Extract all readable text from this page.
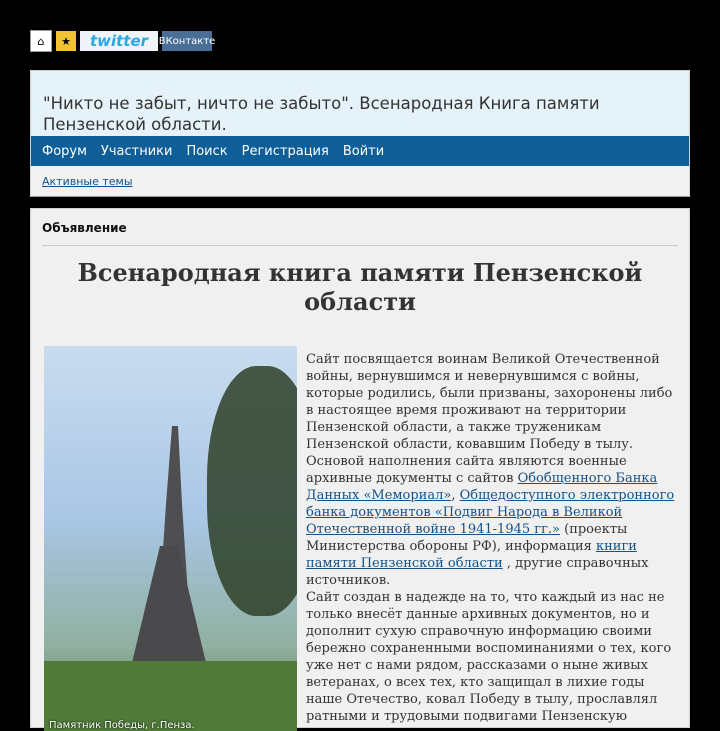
⌂	★	twitter	ВКонтакте
"Никто не забыт, ничто не забыто". Всенародная Книга памяти Пензенской области.
Форум Участники Поиск Регистрация Войти
Активные темы
Объявление
Всенародная книга памяти Пензенской области
Памятник Победы, г.Пенза.
Сайт посвящается воинам Великой Отечественной войны, вернувшимся и невернувшимся с войны, которые родились, были призваны, захоронены либо в настоящее время проживают на территории Пензенской области, а также труженикам Пензенской области, ковавшим Победу в тылу. Основой наполнения сайта являются военные архивные документы с сайтов Обобщенного Банка Данных «Мемориал», Общедоступного электронного банка документов «Подвиг Народа в Великой Отечественной войне 1941-1945 гг.» (проекты Министерства обороны РФ), информация книги памяти Пензенской области , другие справочных источников.
Сайт создан в надежде на то, что каждый из нас не только внесёт данные архивных документов, но и дополнит сухую справочную информацию своими бережно сохраненными воспоминаниями о тех, кого уже нет с нами рядом, рассказами о ныне живых ветеранах, о всех тех, кто защищал в лихие годы наше Отечество, ковал Победу в тылу, прославлял ратными и трудовыми подвигами Пензенскую
